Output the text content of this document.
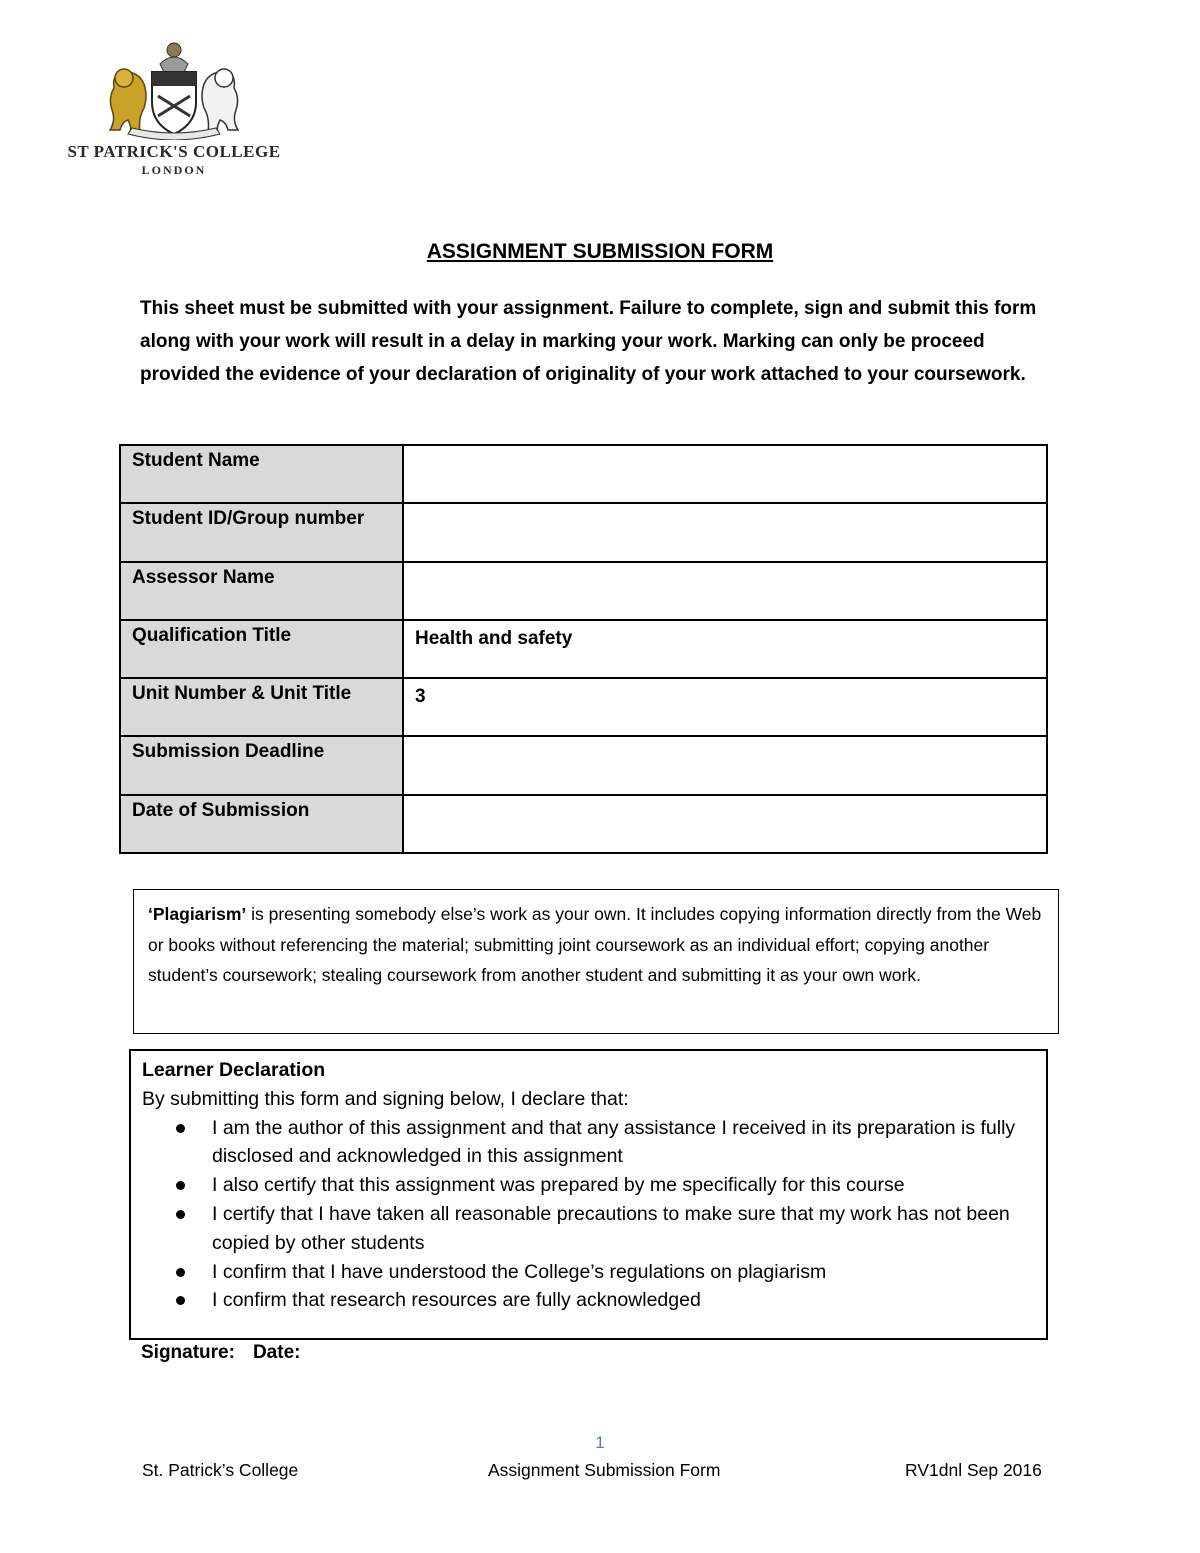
ST PATRICK'S COLLEGE
LONDON
ASSIGNMENT SUBMISSION FORM
This sheet must be submitted with your assignment. Failure to complete, sign and submit this form along with your work will result in a delay in marking your work. Marking can only be proceed provided the evidence of your declaration of originality of your work attached to your coursework.
Student Name	
Student ID/Group number	
Assessor Name	
Qualification Title	Health and safety
Unit Number & Unit Title	3
Submission Deadline	
Date of Submission	
‘Plagiarism’ is presenting somebody else’s work as your own. It includes copying information directly from the Web or books without referencing the material; submitting joint coursework as an individual effort; copying another student’s coursework; stealing coursework from another student and submitting it as your own work.
Learner Declaration
By submitting this form and signing below, I declare that:
I am the author of this assignment and that any assistance I received in its preparation is fully disclosed and acknowledged in this assignment
I also certify that this assignment was prepared by me specifically for this course
I certify that I have taken all reasonable precautions to make sure that my work has not been copied by other students
I confirm that I have understood the College’s regulations on plagiarism
I confirm that research resources are fully acknowledged
Signature: Date:
1
St. Patrick’s College	Assignment Submission Form	RV1dnl Sep 2016
